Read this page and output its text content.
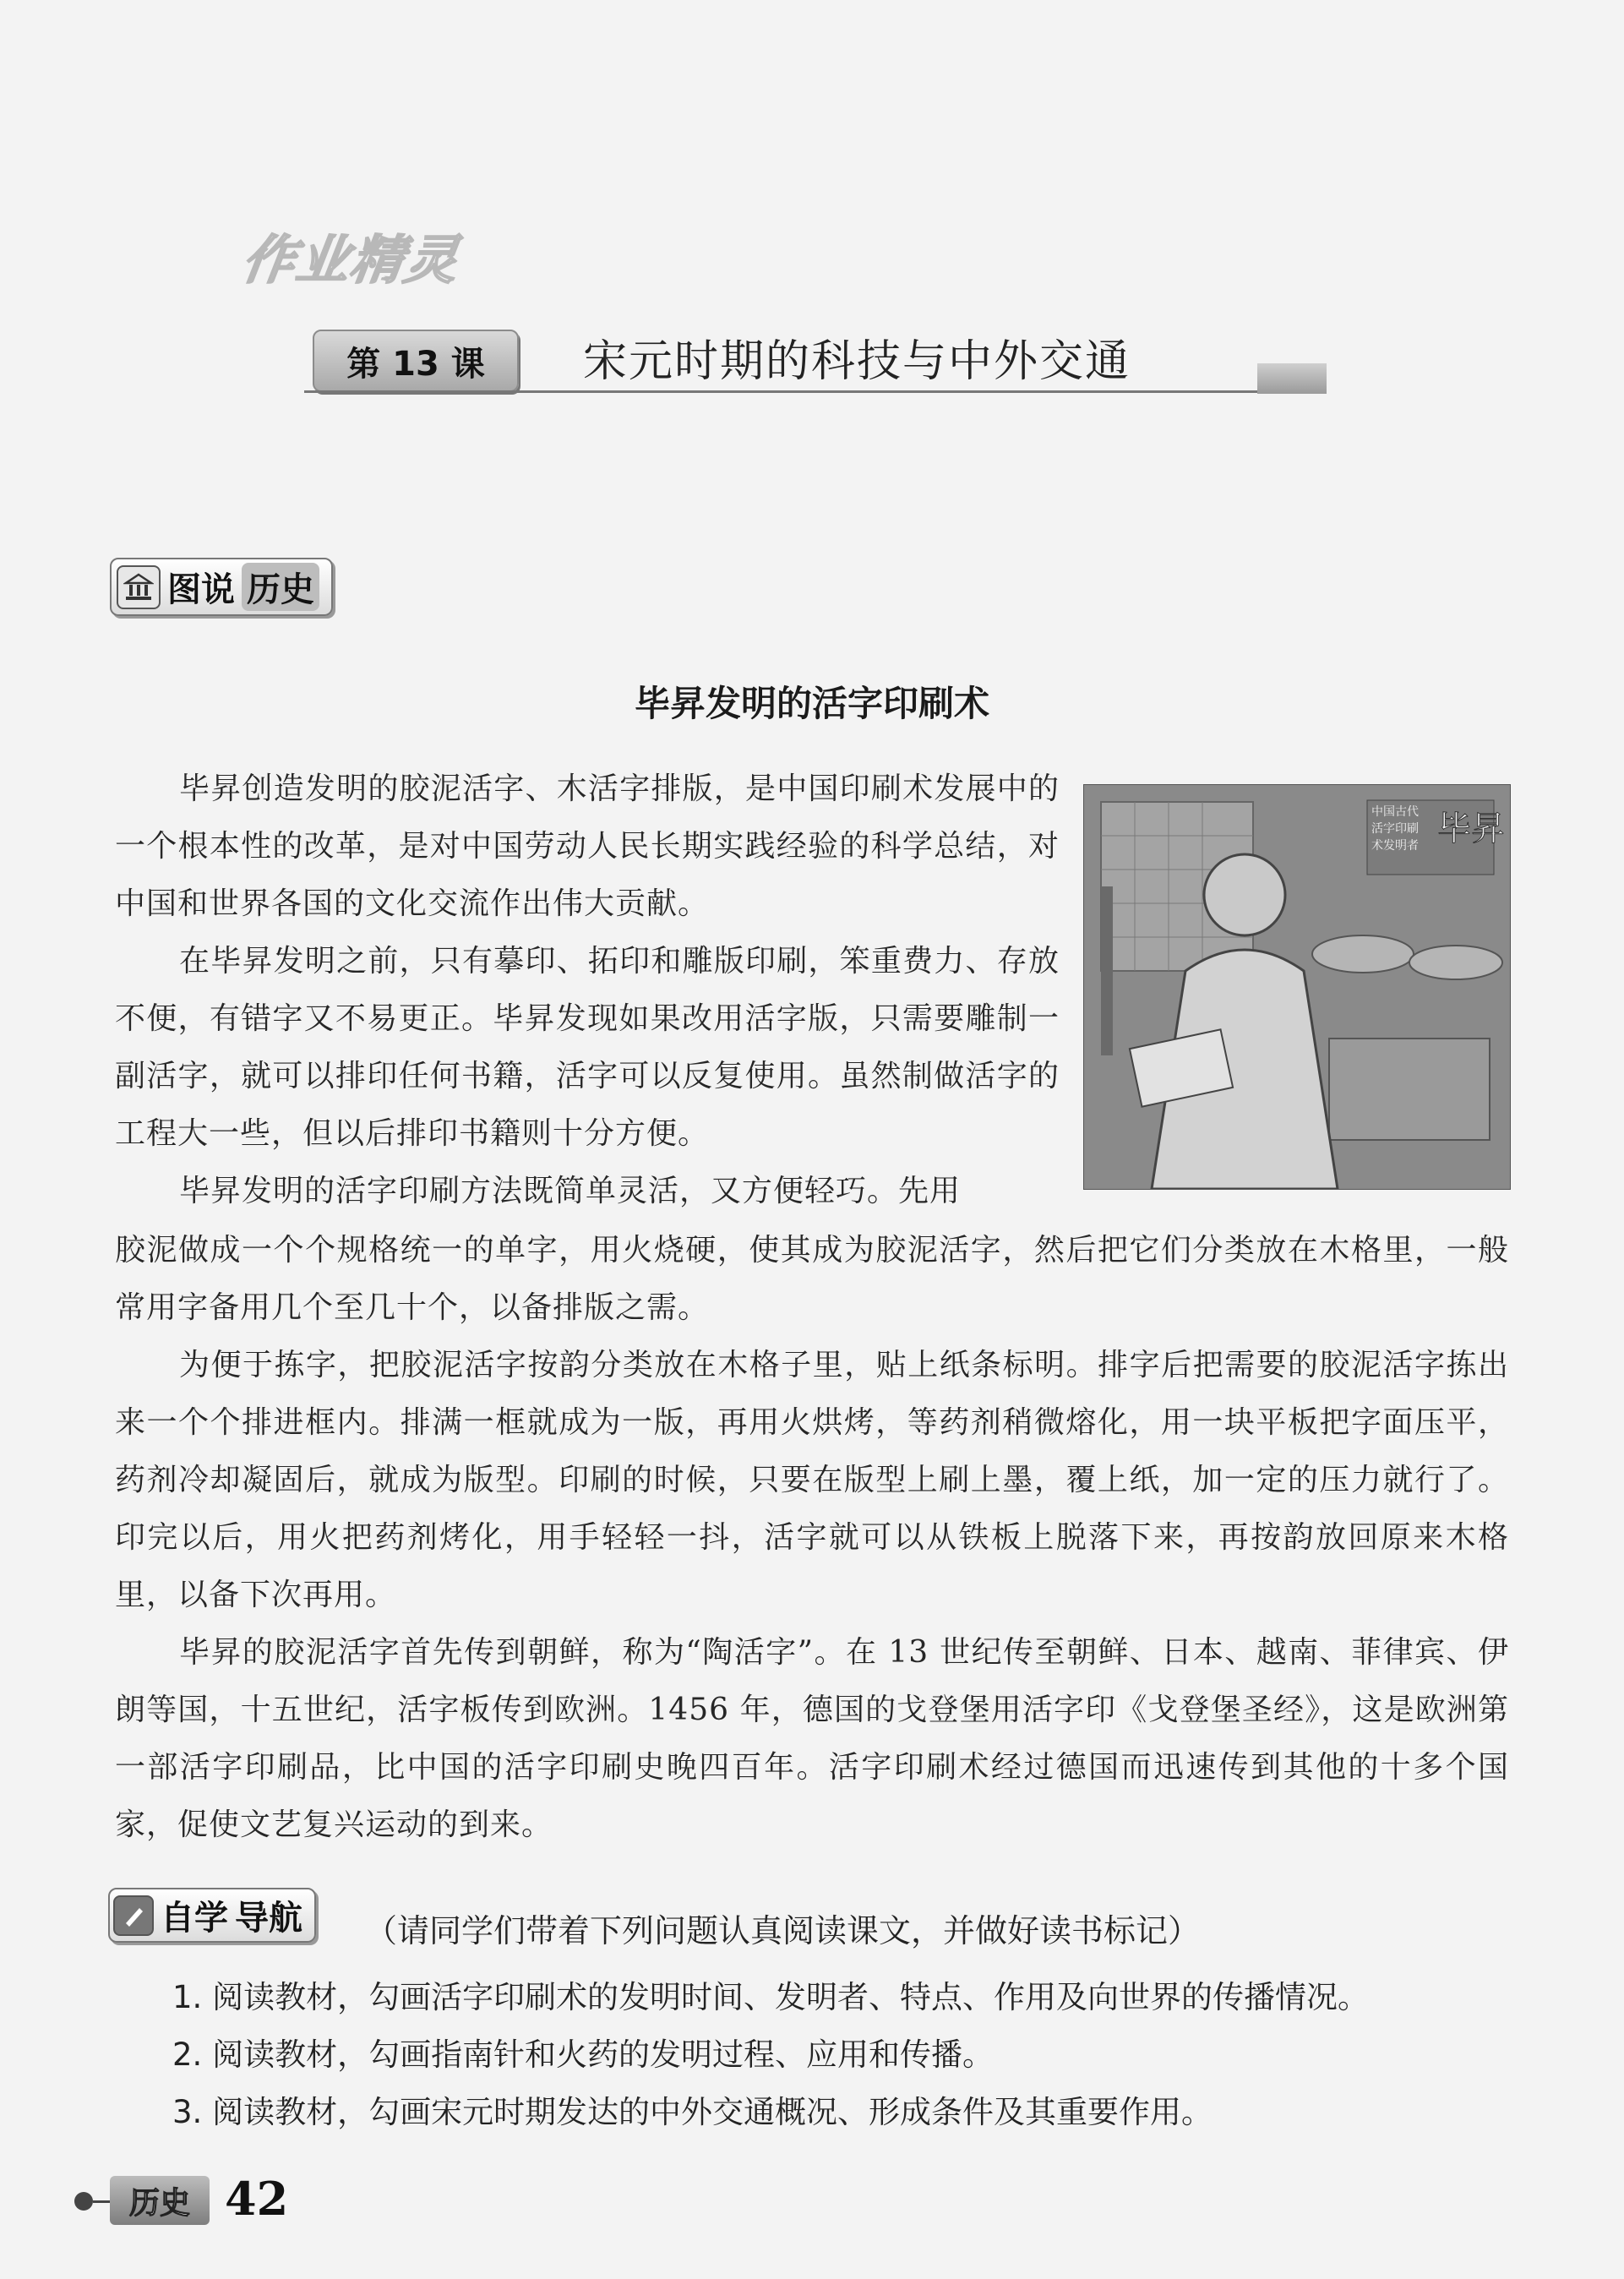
作业精灵
第 13 课	宋元时期的科技与中外交通
图说 历史
毕昇发明的活字印刷术
中国古代活字印刷术发明者 毕昇

毕昇创造发明的胶泥活字、木活字排版，是中国印刷术发展中的一个根本性的改革，是对中国劳动人民长期实践经验的科学总结，对中国和世界各国的文化交流作出伟大贡献。

在毕昇发明之前，只有摹印、拓印和雕版印刷，笨重费力、存放不便，有错字又不易更正。毕昇发现如果改用活字版，只需要雕制一副活字，就可以排印任何书籍，活字可以反复使用。虽然制做活字的工程大一些，但以后排印书籍则十分方便。

毕昇发明的活字印刷方法既简单灵活，又方便轻巧。先用

胶泥做成一个个规格统一的单字，用火烧硬，使其成为胶泥活字，然后把它们分类放在木格里，一般常用字备用几个至几十个，以备排版之需。

为便于拣字，把胶泥活字按韵分类放在木格子里，贴上纸条标明。排字后把需要的胶泥活字拣出来一个个排进框内。排满一框就成为一版，再用火烘烤，等药剂稍微熔化，用一块平板把字面压平，药剂冷却凝固后，就成为版型。印刷的时候，只要在版型上刷上墨，覆上纸，加一定的压力就行了。印完以后，用火把药剂烤化，用手轻轻一抖，活字就可以从铁板上脱落下来，再按韵放回原来木格里，以备下次再用。

毕昇的胶泥活字首先传到朝鲜，称为“陶活字”。在 13 世纪传至朝鲜、日本、越南、菲律宾、伊朗等国，十五世纪，活字板传到欧洲。1456 年，德国的戈登堡用活字印《戈登堡圣经》，这是欧洲第一部活字印刷品，比中国的活字印刷史晚四百年。活字印刷术经过德国而迅速传到其他的十多个国家，促使文艺复兴运动的到来。

自学 导航 （请同学们带着下列问题认真阅读课文，并做好读书标记）
1. 阅读教材，勾画活字印刷术的发明时间、发明者、特点、作用及向世界的传播情况。
2. 阅读教材，勾画指南针和火药的发明过程、应用和传播。
3. 阅读教材，勾画宋元时期发达的中外交通概况、形成条件及其重要作用。
历史 42
